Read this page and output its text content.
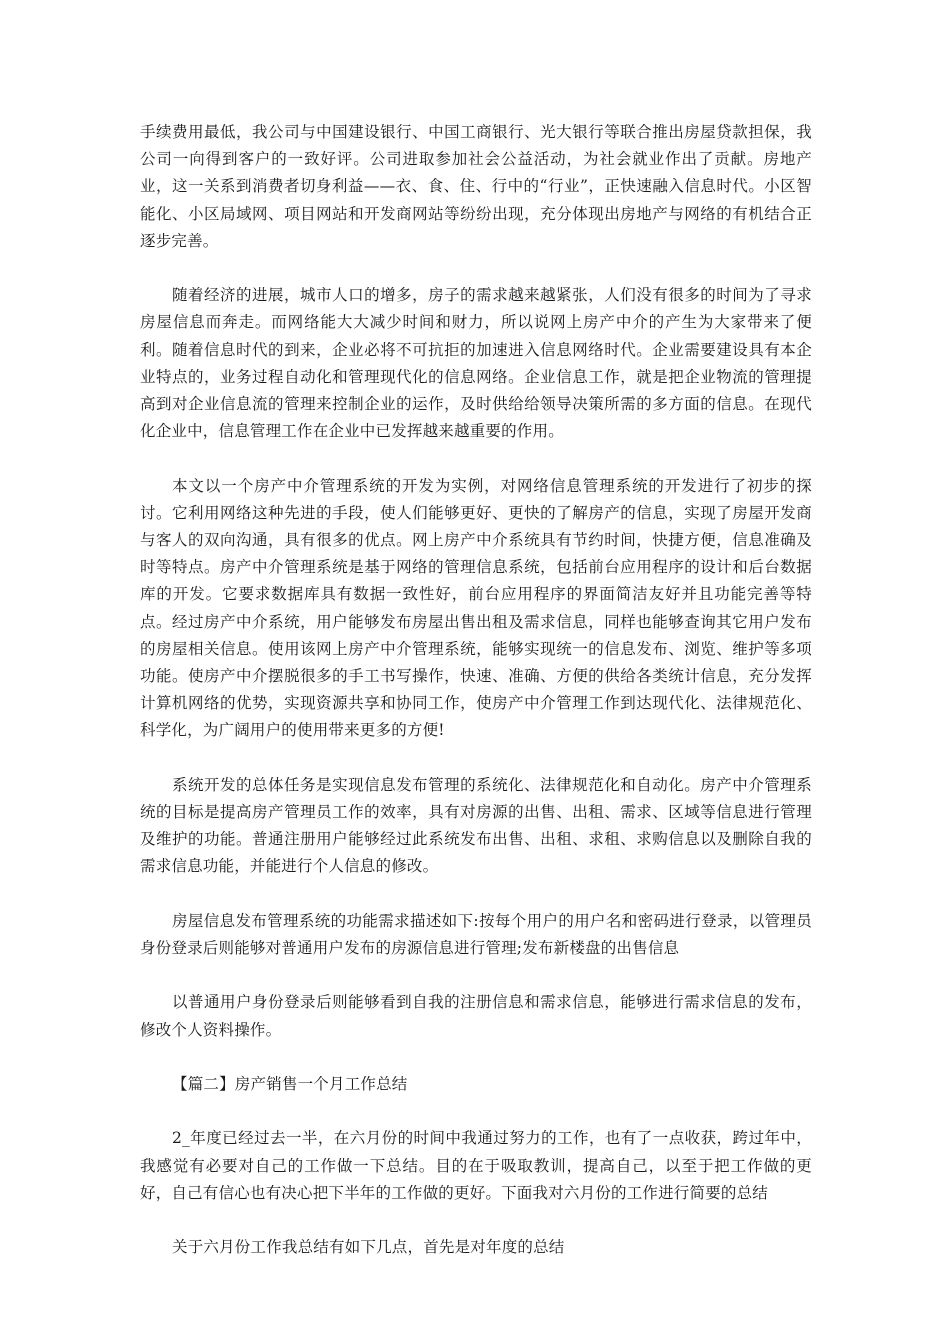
手续费用最低，我公司与中国建设银行、中国工商银行、光大银行等联合推出房屋贷款担保，我公司一向得到客户的一致好评。公司进取参加社会公益活动，为社会就业作出了贡献。房地产业，这一关系到消费者切身利益——衣、食、住、行中的“行业”，正快速融入信息时代。小区智能化、小区局域网、项目网站和开发商网站等纷纷出现，充分体现出房地产与网络的有机结合正逐步完善。

随着经济的进展，城市人口的增多，房子的需求越来越紧张，人们没有很多的时间为了寻求房屋信息而奔走。而网络能大大减少时间和财力，所以说网上房产中介的产生为大家带来了便利。随着信息时代的到来，企业必将不可抗拒的加速进入信息网络时代。企业需要建设具有本企业特点的，业务过程自动化和管理现代化的信息网络。企业信息工作，就是把企业物流的管理提高到对企业信息流的管理来控制企业的运作，及时供给给领导决策所需的多方面的信息。在现代化企业中，信息管理工作在企业中已发挥越来越重要的作用。

本文以一个房产中介管理系统的开发为实例，对网络信息管理系统的开发进行了初步的探讨。它利用网络这种先进的手段，使人们能够更好、更快的了解房产的信息，实现了房屋开发商与客人的双向沟通，具有很多的优点。网上房产中介系统具有节约时间，快捷方便，信息准确及时等特点。房产中介管理系统是基于网络的管理信息系统，包括前台应用程序的设计和后台数据库的开发。它要求数据库具有数据一致性好，前台应用程序的界面简洁友好并且功能完善等特点。经过房产中介系统，用户能够发布房屋出售出租及需求信息，同样也能够查询其它用户发布的房屋相关信息。使用该网上房产中介管理系统，能够实现统一的信息发布、浏览、维护等多项功能。使房产中介摆脱很多的手工书写操作，快速、准确、方便的供给各类统计信息，充分发挥计算机网络的优势，实现资源共享和协同工作，使房产中介管理工作到达现代化、法律规范化、科学化，为广阔用户的使用带来更多的方便!

系统开发的总体任务是实现信息发布管理的系统化、法律规范化和自动化。房产中介管理系统的目标是提高房产管理员工作的效率，具有对房源的出售、出租、需求、区域等信息进行管理及维护的功能。普通注册用户能够经过此系统发布出售、出租、求租、求购信息以及删除自我的需求信息功能，并能进行个人信息的修改。

房屋信息发布管理系统的功能需求描述如下:按每个用户的用户名和密码进行登录，以管理员身份登录后则能够对普通用户发布的房源信息进行管理;发布新楼盘的出售信息

以普通用户身份登录后则能够看到自我的注册信息和需求信息，能够进行需求信息的发布，修改个人资料操作。

【篇二】房产销售一个月工作总结

2_年度已经过去一半，在六月份的时间中我通过努力的工作，也有了一点收获，跨过年中，我感觉有必要对自己的工作做一下总结。目的在于吸取教训，提高自己，以至于把工作做的更好，自己有信心也有决心把下半年的工作做的更好。下面我对六月份的工作进行简要的总结

关于六月份工作我总结有如下几点，首先是对年度的总结
